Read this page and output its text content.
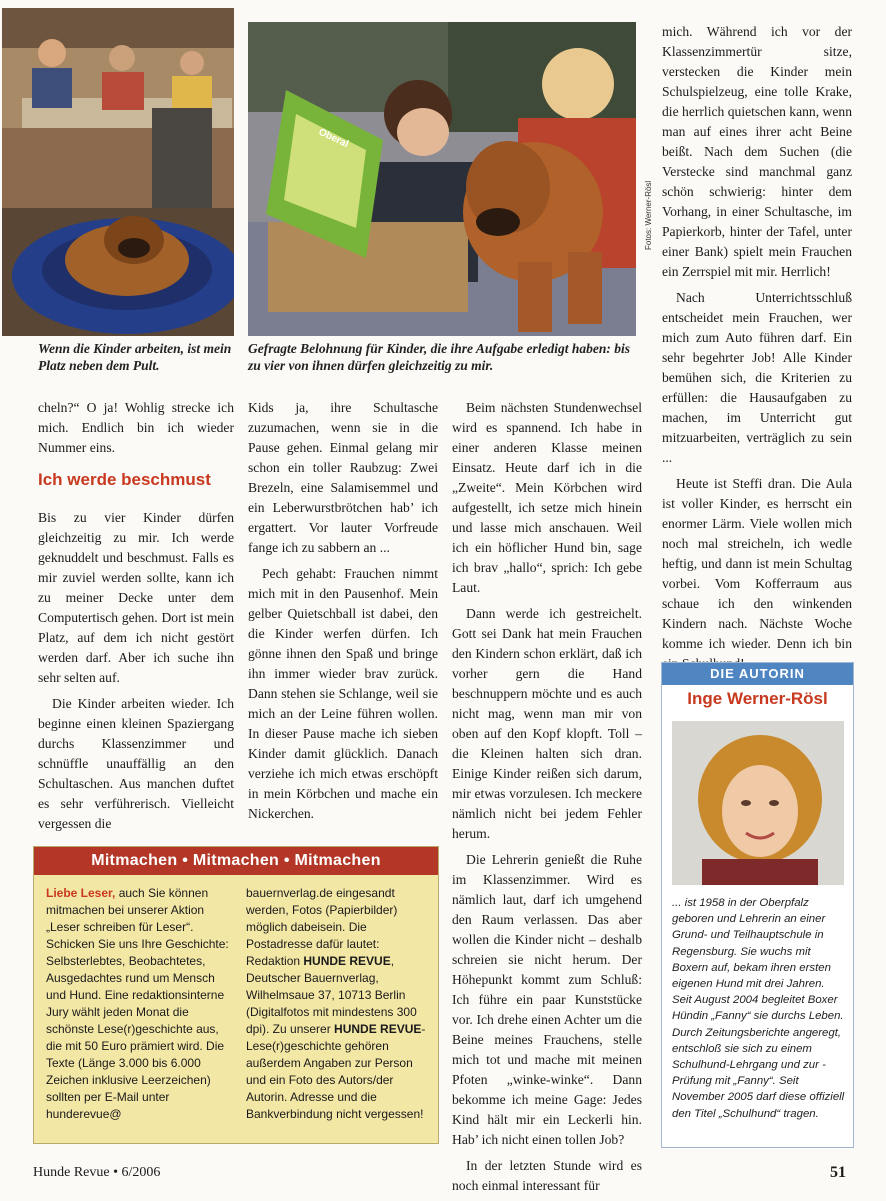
Oberal
Fotos: Werner-Rösl

Wenn die Kinder arbeiten, ist mein Platz neben dem Pult.

Gefragte Belohnung für Kinder, die ihre Aufgabe erledigt haben: bis zu vier von ihnen dürfen gleichzeitig zu mir.

cheln?“ O ja! Wohlig strecke ich mich. Endlich bin ich wieder Nummer eins.

Ich werde beschmust

Bis zu vier Kinder dürfen gleichzeitig zu mir. Ich werde geknuddelt und beschmust. Falls es mir zuviel werden sollte, kann ich zu meiner Decke unter dem Computertisch gehen. Dort ist mein Platz, auf dem ich nicht gestört werden darf. Aber ich suche ihn sehr selten auf.

Die Kinder arbeiten wieder. Ich beginne einen kleinen Spaziergang durchs Klassenzimmer und schnüffle unauffällig an den Schultaschen. Aus manchen duftet es sehr verführerisch. Vielleicht vergessen die

Kids ja, ihre Schultasche zuzumachen, wenn sie in die Pause gehen. Einmal gelang mir schon ein toller Raubzug: Zwei Brezeln, eine Salamisemmel und ein Leberwurstbrötchen hab’ ich ergattert. Vor lauter Vorfreude fange ich zu sabbern an ...

Pech gehabt: Frauchen nimmt mich mit in den Pausenhof. Mein gelber Quietschball ist dabei, den die Kinder werfen dürfen. Ich gönne ihnen den Spaß und bringe ihn immer wieder brav zurück. Dann stehen sie Schlange, weil sie mich an der Leine führen wollen. In dieser Pause mache ich sieben Kinder damit glücklich. Danach verziehe ich mich etwas erschöpft in mein Körbchen und mache ein Nickerchen.

Beim nächsten Stundenwechsel wird es spannend. Ich habe in einer anderen Klasse meinen Einsatz. Heute darf ich in die „Zweite“. Mein Körbchen wird aufgestellt, ich setze mich hinein und lasse mich anschauen. Weil ich ein höflicher Hund bin, sage ich brav „hallo“, sprich: Ich gebe Laut.

Dann werde ich gestreichelt. Gott sei Dank hat mein Frauchen den Kindern schon erklärt, daß ich vorher gern die Hand beschnuppern möchte und es auch nicht mag, wenn man mir von oben auf den Kopf klopft. Toll – die Kleinen halten sich dran. Einige Kinder reißen sich darum, mir etwas vorzulesen. Ich meckere nämlich nicht bei jedem Fehler herum.

Die Lehrerin genießt die Ruhe im Klassenzimmer. Wird es nämlich laut, darf ich umgehend den Raum verlassen. Das aber wollen die Kinder nicht – deshalb schreien sie nicht herum. Der Höhepunkt kommt zum Schluß: Ich führe ein paar Kunststücke vor. Ich drehe einen Achter um die Beine meines Frauchens, stelle mich tot und mache mit meinen Pfoten „winke-winke“. Dann bekomme ich meine Gage: Jedes Kind hält mir ein Leckerli hin. Hab’ ich nicht einen tollen Job?

In der letzten Stunde wird es noch einmal interessant für

mich. Während ich vor der Klassenzimmertür sitze, verstecken die Kinder mein Schulspielzeug, eine tolle Krake, die herrlich quietschen kann, wenn man auf eines ihrer acht Beine beißt. Nach dem Suchen (die Verstecke sind manchmal ganz schön schwierig: hinter dem Vorhang, in einer Schultasche, im Papierkorb, hinter der Tafel, unter einer Bank) spielt mein Frauchen ein Zerrspiel mit mir. Herrlich!

Nach Unterrichtsschluß entscheidet mein Frauchen, wer mich zum Auto führen darf. Ein sehr begehrter Job! Alle Kinder bemühen sich, die Kriterien zu erfüllen: die Hausaufgaben zu machen, im Unterricht gut mitzuarbeiten, verträglich zu sein ...

Heute ist Steffi dran. Die Aula ist voller Kinder, es herrscht ein enormer Lärm. Viele wollen mich noch mal streicheln, ich wedle heftig, und dann ist mein Schultag vorbei. Vom Kofferraum aus schaue ich den winkenden Kindern nach. Nächste Woche komme ich wieder. Denn ich bin

Mitmachen • Mitmachen • Mitmachen

Liebe Leser, auch Sie können mitmachen bei unserer Aktion „Leser schreiben für Leser“. Schicken Sie uns Ihre Geschichte: Selbsterlebtes, Beobachtetes, Ausgedachtes rund um Mensch und Hund. Eine redaktionsinterne Jury wählt jeden Monat die schönste Lese(r)geschichte aus, die mit 50 Euro prämiert wird. Die Texte (Länge 3.000 bis 6.000 Zeichen inklusive Leerzeichen) sollten per E-Mail unter hunderevue@

bauernverlag.de eingesandt werden, Fotos (Papierbilder) möglich dabeisein. Die Postadresse dafür lautet: Redaktion HUNDE REVUE, Deutscher Bauernverlag, Wilhelmsaue 37, 10713 Berlin (Digitalfotos mit mindestens 300 dpi). Zu unserer HUNDE REVUE-Lese(r)geschichte gehören außerdem Angaben zur Person und ein Foto des Autors/der Autorin. Adresse und die Bankverbindung nicht vergessen!

DIE AUTORIN
Inge Werner-Rösl

... ist 1958 in der Oberpfalz geboren und Lehrerin an einer Grund- und Teilhauptschule in Regensburg. Sie wuchs mit Boxern auf, bekam ihren ersten eigenen Hund mit drei Jahren. Seit August 2004 begleitet Boxer Hündin „Fanny“ sie durchs Leben. Durch Zeitungsberichte angeregt, entschloß sie sich zu einem Schulhund-Lehrgang und zur -Prüfung mit „Fanny“. Seit November 2005 darf diese offiziell den Titel „Schulhund“ tragen.

Hunde Revue • 6/2006	51
